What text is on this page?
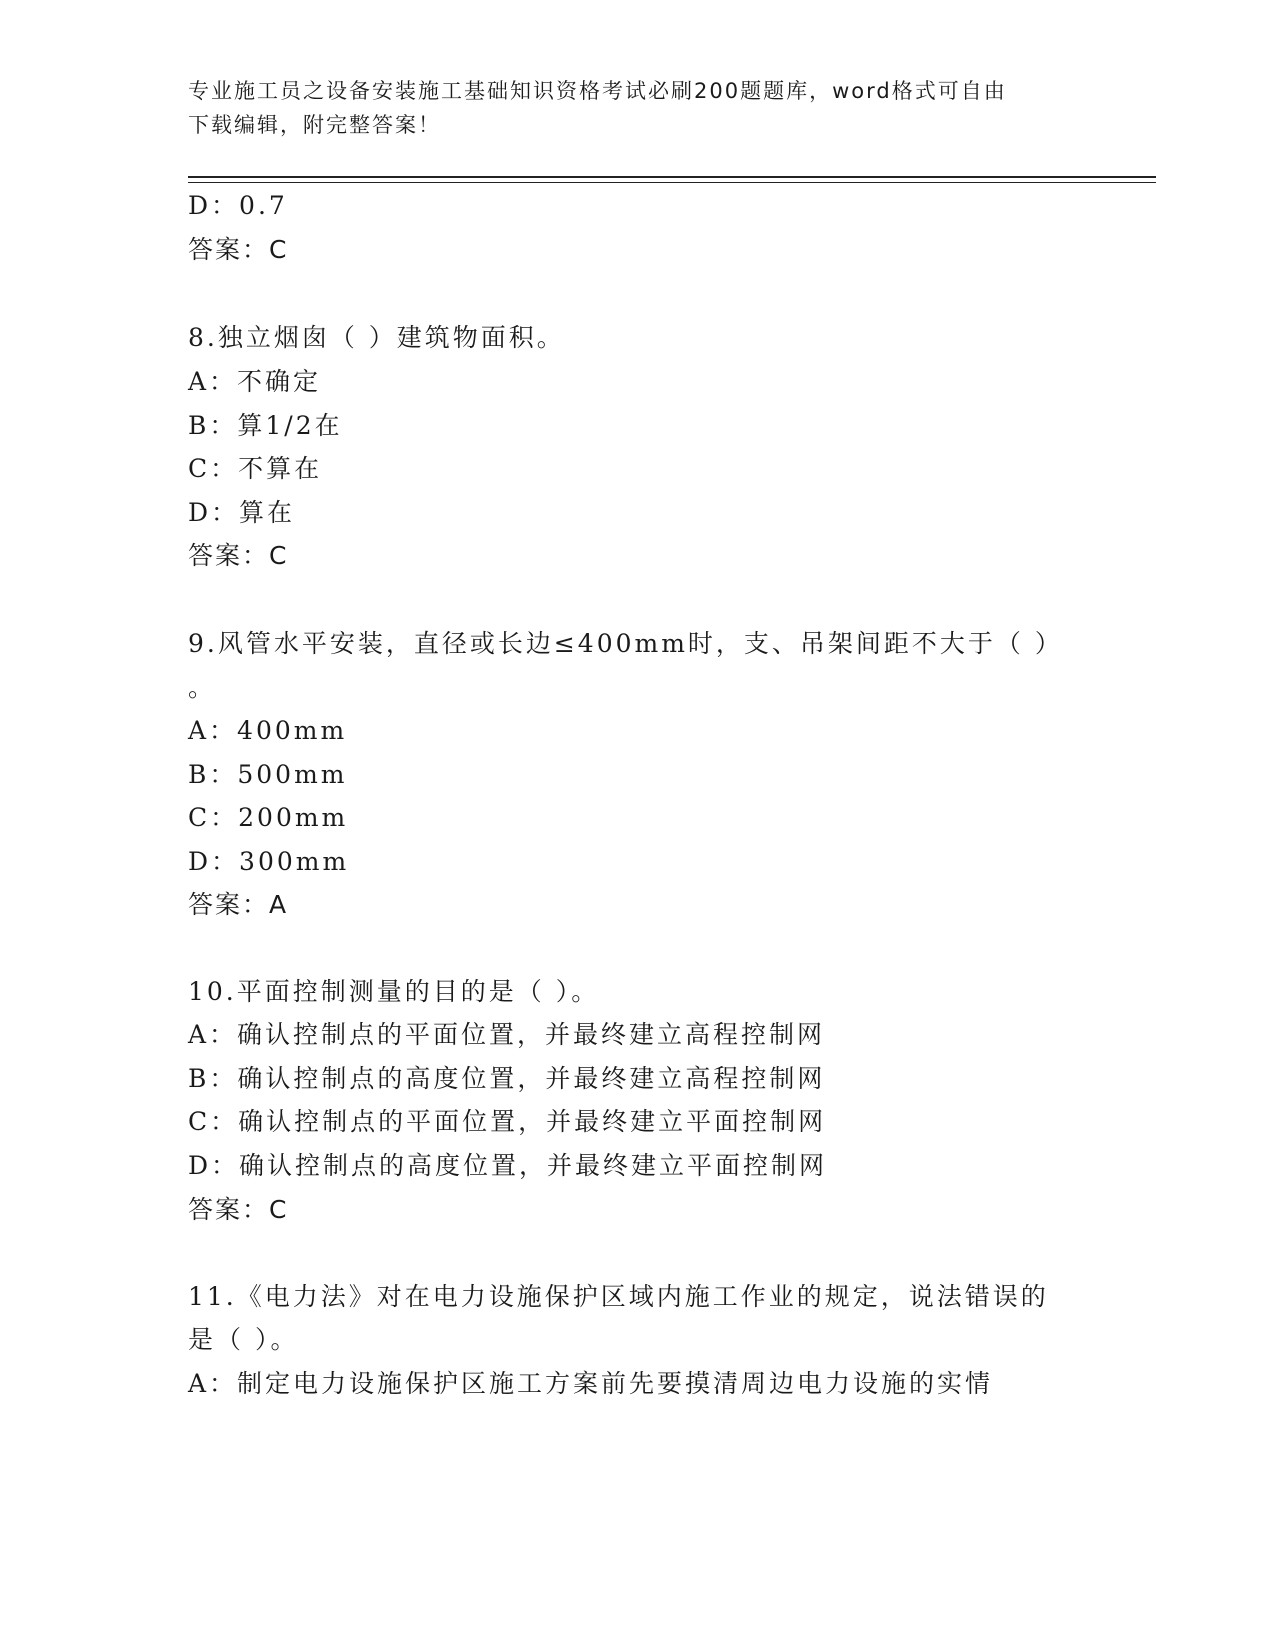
专业施工员之设备安装施工基础知识资格考试必刷200题题库，word格式可自由
下载编辑，附完整答案！
D：0.7
答案：C
8.独立烟囱（ ）建筑物面积。
A：不确定
B：算1/2在
C：不算在
D：算在
答案：C
9.风管水平安装，直径或长边≤400mm时，支、吊架间距不大于（ ）
。
A：400mm
B：500mm
C：200mm
D：300mm
答案：A
10.平面控制测量的目的是（ ）。
A：确认控制点的平面位置，并最终建立高程控制网
B：确认控制点的高度位置，并最终建立高程控制网
C：确认控制点的平面位置，并最终建立平面控制网
D：确认控制点的高度位置，并最终建立平面控制网
答案：C
11.《电力法》对在电力设施保护区域内施工作业的规定，说法错误的
是（ ）。
A：制定电力设施保护区施工方案前先要摸清周边电力设施的实情
